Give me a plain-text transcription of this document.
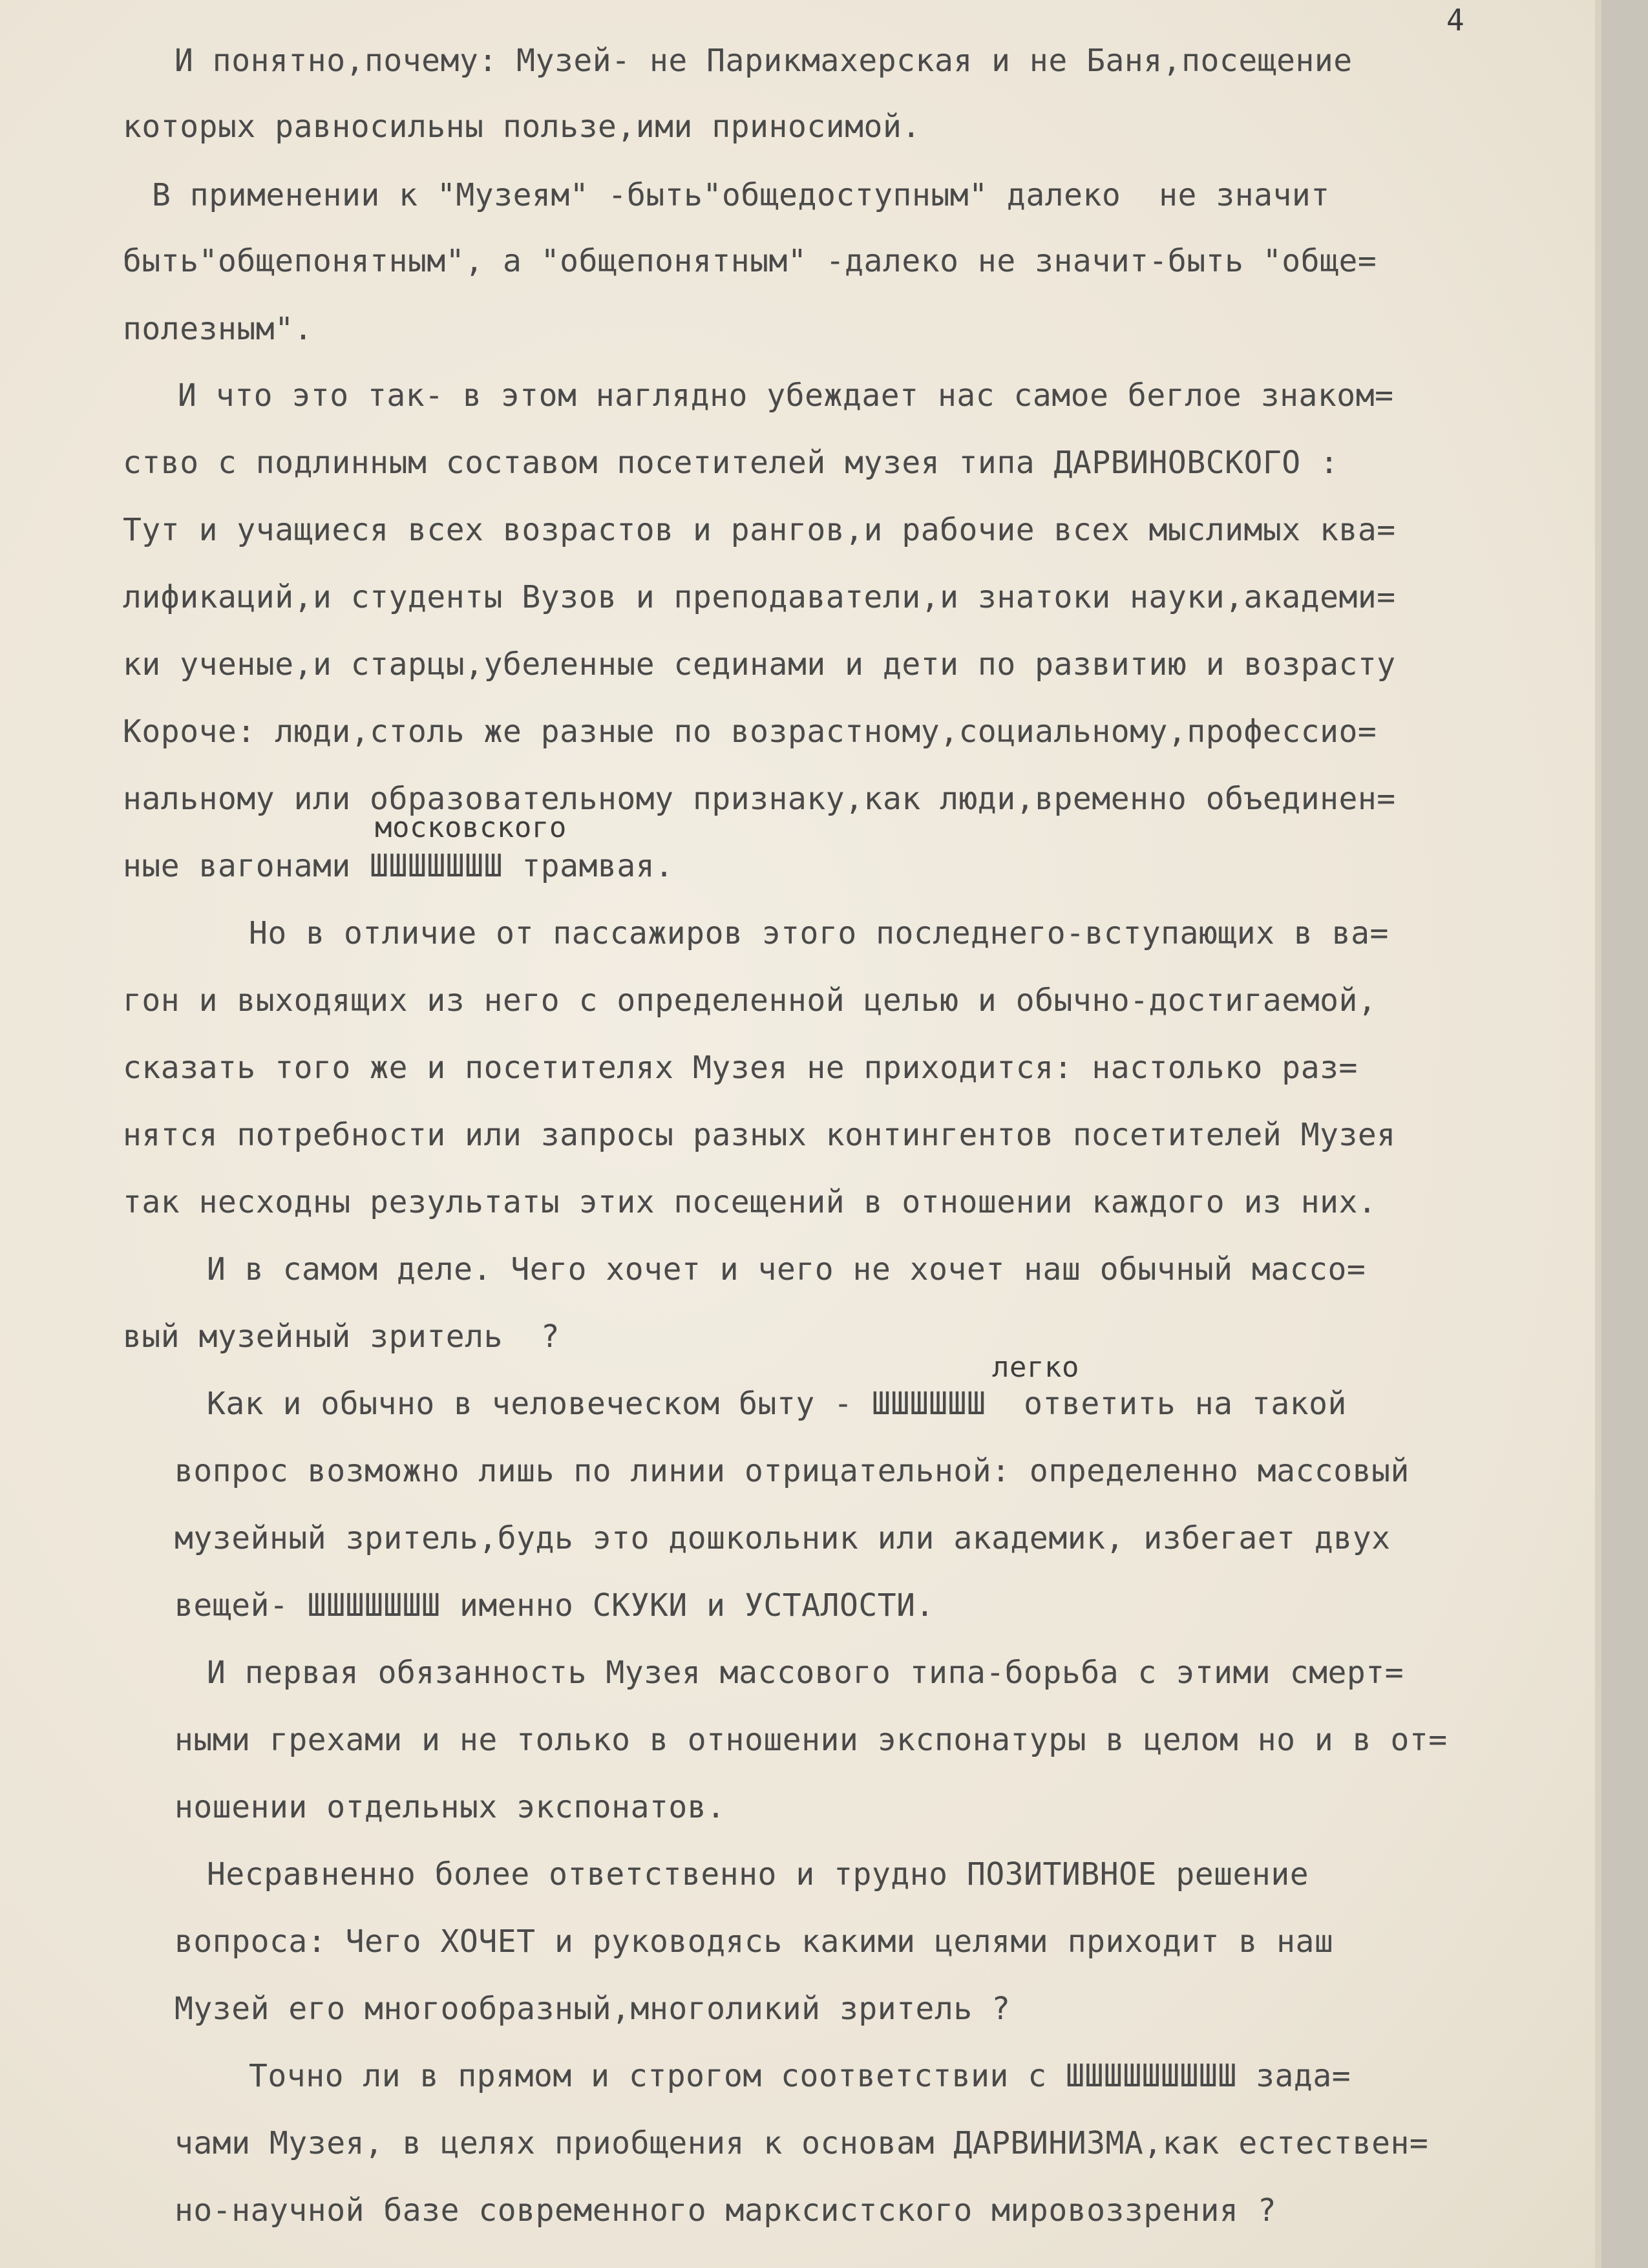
4
И понятно,почему: Музей- не Парикмахерская и не Баня,посещение
которых равносильны пользе,ими приносимой.
В применении к "Музеям" -быть"общедоступным" далеко  не значит
быть"общепонятным", а "общепонятным" -далеко не значит-быть "обще=
полезным".
И что это так- в этом наглядно убеждает нас самое беглое знаком=
ство с подлинным составом посетителей музея типа ДАРВИНОВСКОГО :
Тут и учащиеся всех возрастов и рангов,и рабочие всех мыслимых ква=
лификаций,и студенты Вузов и преподаватели,и знатоки науки,академи=
ки ученые,и старцы,убеленные сединами и дети по развитию и возрасту
Короче: люди,столь же разные по возрастному,социальному,профессио=
нальному или образовательному признаку,как люди,временно объединен=
московского
ные вагонами ШШШШШШШ трамвая.
Но в отличие от пассажиров этого последнего-вступающих в ва=
гон и выходящих из него с определенной целью и обычно-достигаемой,
сказать того же и посетителях Музея не приходится: настолько раз=
нятся потребности или запросы разных контингентов посетителей Музея
так несходны результаты этих посещений в отношении каждого из них.
И в самом деле. Чего хочет и чего не хочет наш обычный массо=
вый музейный зритель  ?
легко
Как и обычно в человеческом быту - ШШШШШШ  ответить на такой
вопрос возможно лишь по линии отрицательной: определенно массовый
музейный зритель,будь это дошкольник или академик, избегает двух
вещей- ШШШШШШШ именно СКУКИ и УСТАЛОСТИ.
И первая обязанность Музея массового типа-борьба с этими смерт=
ными грехами и не только в отношении экспонатуры в целом но и в от=
ношении отдельных экспонатов.
Несравненно более ответственно и трудно ПОЗИТИВНОЕ решение
вопроса: Чего ХОЧЕТ и руководясь какими целями приходит в наш
Музей его многообразный,многоликий зритель ?
Точно ли в прямом и строгом соответствии с ШШШШШШШШШ зада=
чами Музея, в целях приобщения к основам ДАРВИНИЗМА,как естествен=
но-научной базе современного марксистского мировоззрения ?
